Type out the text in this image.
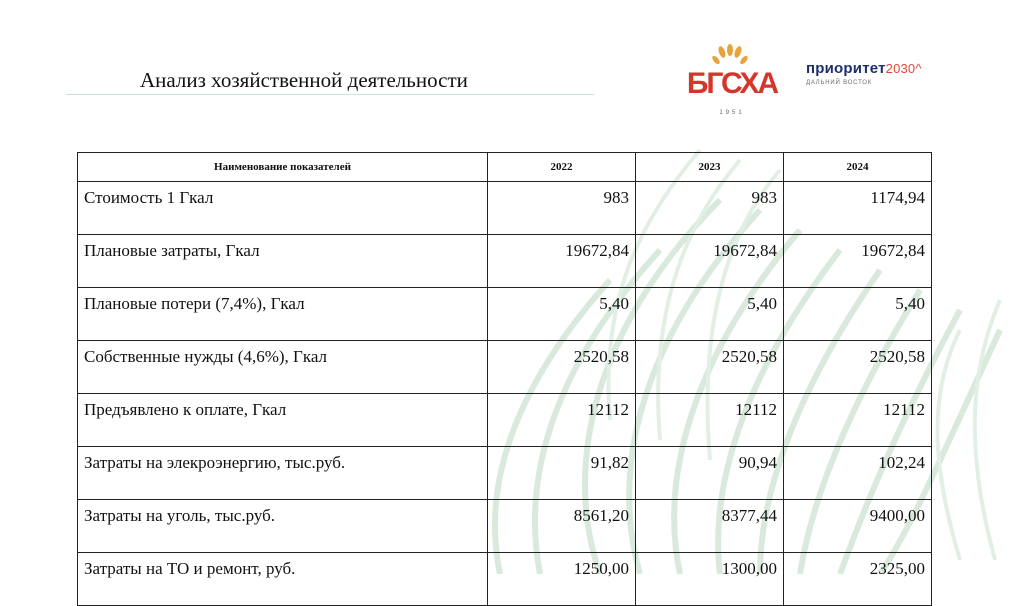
Анализ хозяйственной деятельности	БГСХА
1951
приоритет2030^
ДАЛЬНИЙ ВОСТОК
Наименование показателей	2022	2023	2024
Стоимость 1 Гкал	983	983	1174,94
Плановые затраты, Гкал	19672,84	19672,84	19672,84
Плановые потери (7,4%), Гкал	5,40	5,40	5,40
Собственные нужды (4,6%), Гкал	2520,58	2520,58	2520,58
Предъявлено к оплате, Гкал	12112	12112	12112
Затраты на элекроэнергию, тыс.руб.	91,82	90,94	102,24
Затраты на уголь, тыс.руб.	8561,20	8377,44	9400,00
Затраты на ТО и ремонт, руб.	1250,00	1300,00	2325,00
